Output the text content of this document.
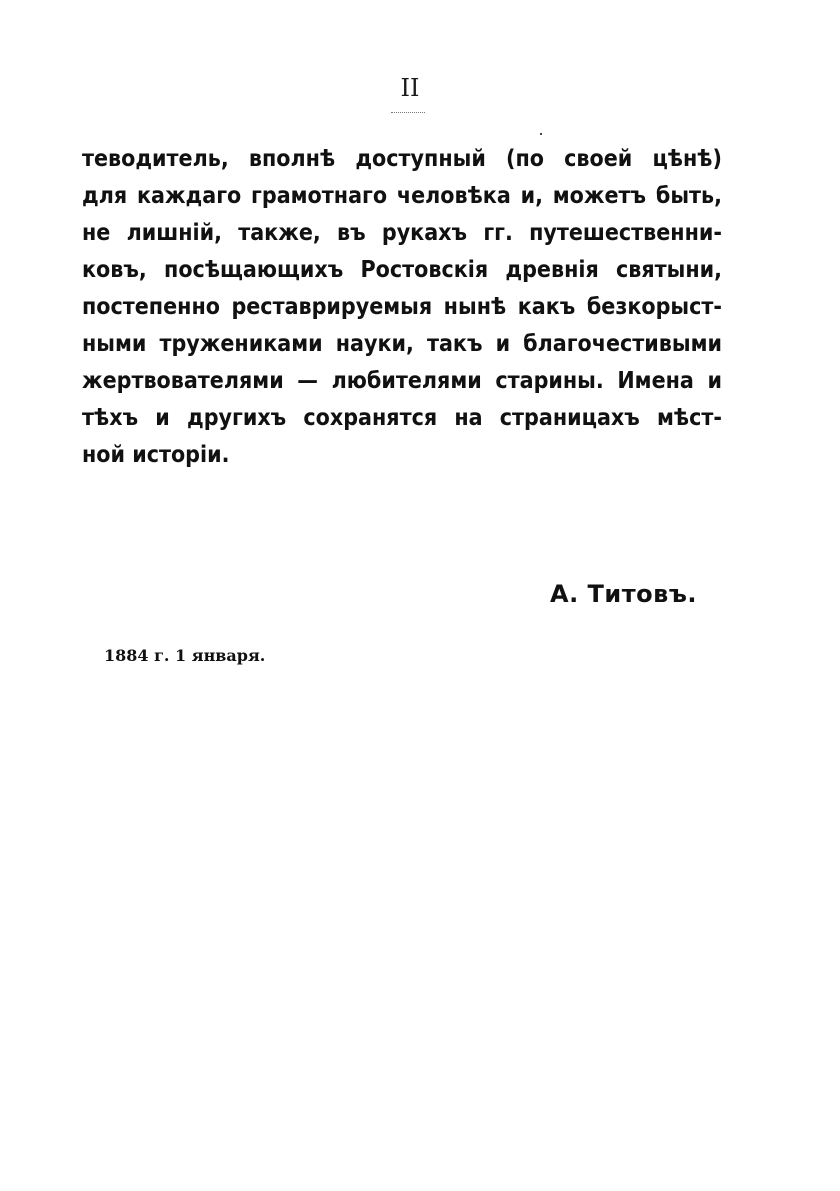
II
теводитель, вполнѣ доступный (по своей цѣнѣ)
для каждаго грамотнаго человѣка и, можетъ быть,
не лишній, также, въ рукахъ гг. путешественни-
ковъ, посѣщающихъ Ростовскія древнія святыни,
постепенно реставрируемыя нынѣ какъ безкорыст-
ными тружениками науки, такъ и благочестивыми
жертвователями — любителями старины. Имена и
тѣхъ и другихъ сохранятся на страницахъ мѣст-
ной исторіи.
А. Титовъ.
1884 г. 1 января.
